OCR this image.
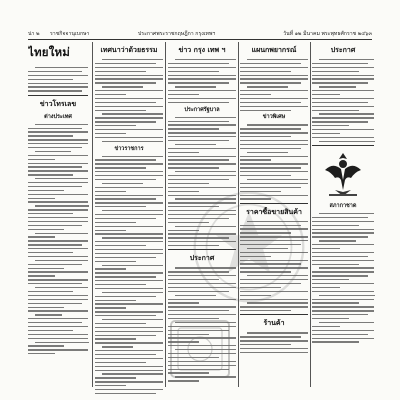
น่า ๒ ราชกิจจานุเบกษา	ประกาศพระราชกฤษฎีกา กรุงเทพฯ	วันที่ ๑๒ มีนาคม พระพุทธศักราช ๒๔๖๓
ไทยใหม่
ข่าวโทรเลข
ต่างประเทศ
เทศนาว่าด้วยธรรม
ข่าวราชการ
ข่าว กรุง เทพ ฯ
ประกาศรัฐบาล
ประกาศ
แผนกพยากรณ์
ข่าวพิเศษ
ราคาซื้อขายสินค้า
ร้านค้า
ประกาศ
สภากาชาด
